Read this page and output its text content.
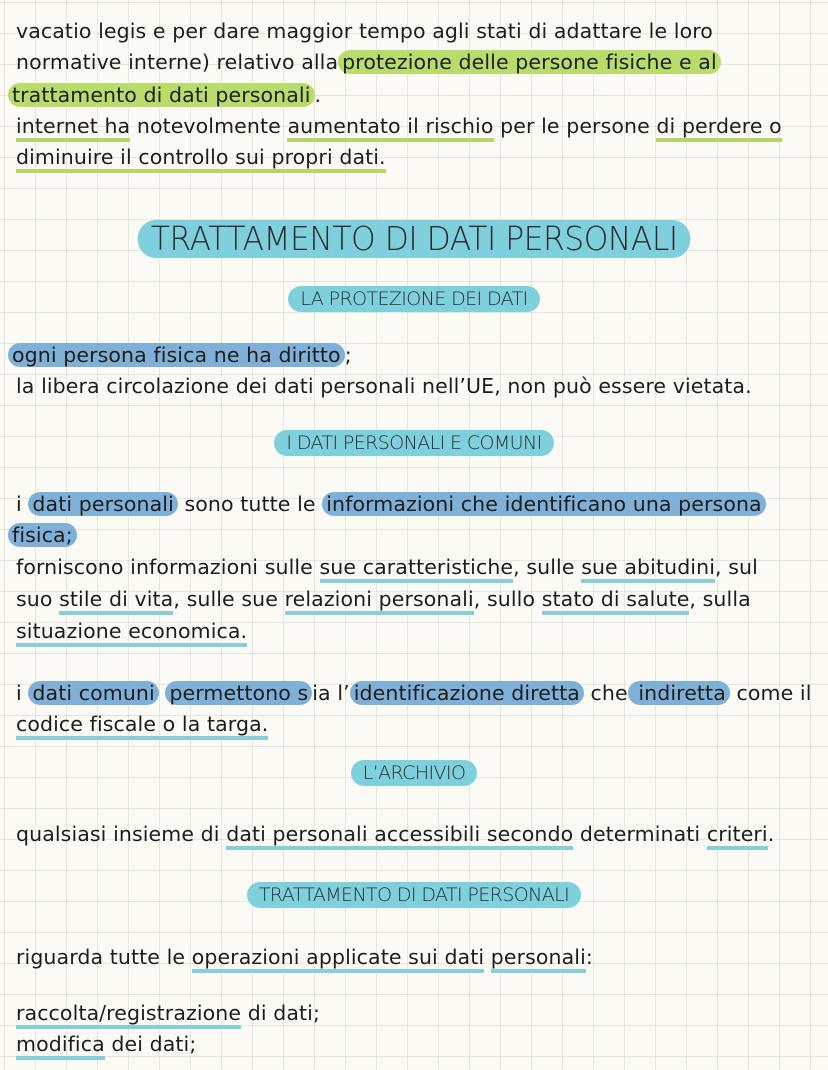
vacatio legis e per dare maggior tempo agli stati di adattare le loro
normative interne) relativo alla protezione delle persone fisiche e al
trattamento di dati personali .
internet ha notevolmente aumentato il rischio per le persone di perdere o
diminuire il controllo sui propri dati.
TRATTAMENTO DI DATI PERSONALI
LA PROTEZIONE DEI DATI
ogni persona fisica ne ha diritto ;
la libera circolazione dei dati personali nell’UE, non può essere vietata.
I DATI PERSONALI E COMUNI
i dati personali sono tutte le informazioni che identificano una persona
fisica;
forniscono informazioni sulle sue caratteristiche, sulle sue abitudini, sul
suo stile di vita, sulle sue relazioni personali, sullo stato di salute, sulla
situazione economica.
i dati comuni permettono s ia l’ identificazione diretta che indiretta come il
codice fiscale o la targa.
L’ARCHIVIO
qualsiasi insieme di dati personali accessibili secondo determinati criteri.
TRATTAMENTO DI DATI PERSONALI
riguarda tutte le operazioni applicate sui dati personali:
raccolta/registrazione di dati;
modifica dei dati;
